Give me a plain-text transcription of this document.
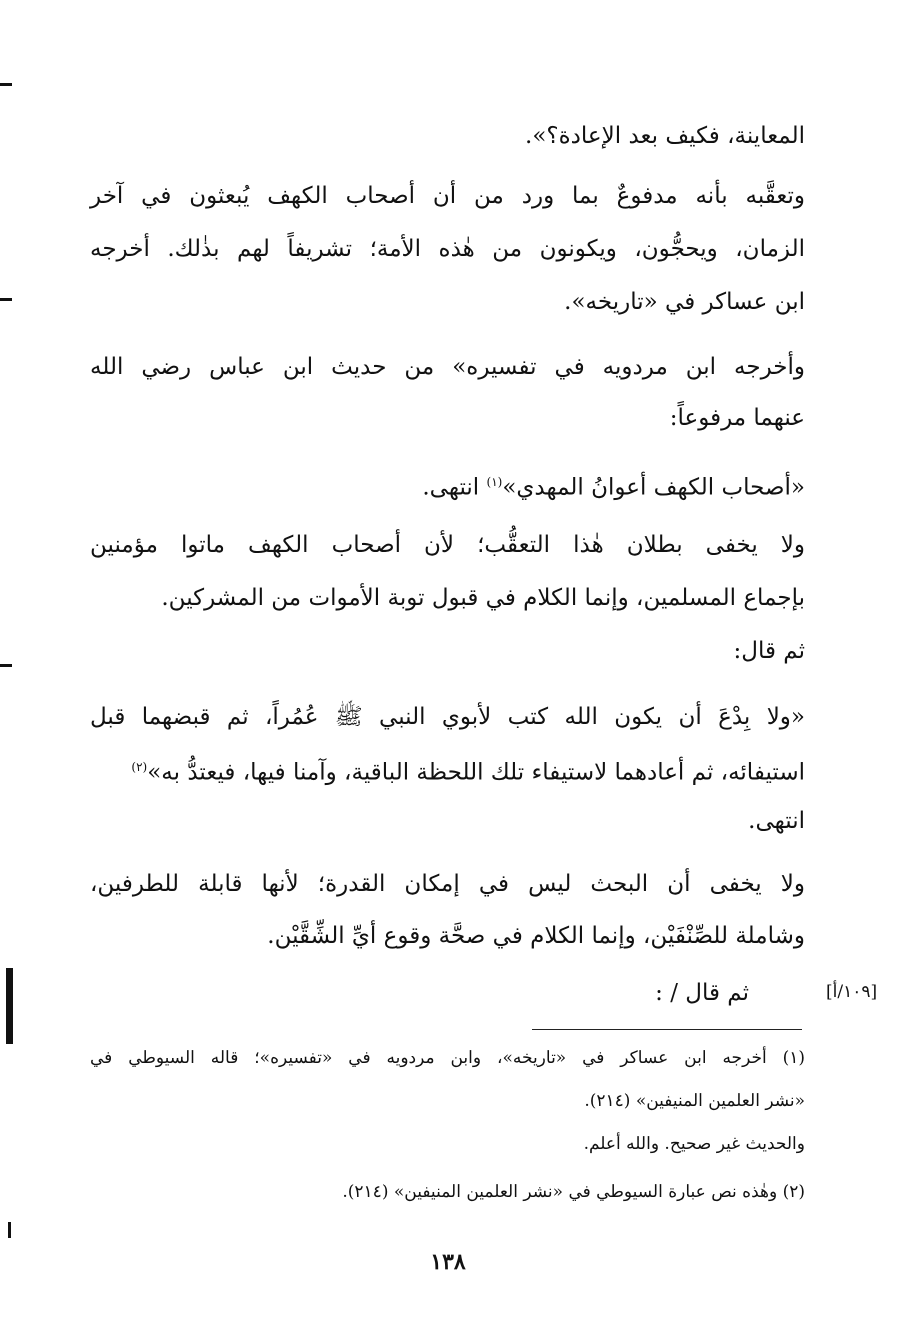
المعاينة، فكيف بعد الإعادة؟».
وتعقَّبه بأنه مدفوعٌ بما ورد من أن أصحاب الكهف يُبعثون في آخر
الزمان، ويحجُّون، ويكونون من هٰذه الأمة؛ تشريفاً لهم بذٰلك. أخرجه
ابن عساكر في «تاريخه».
وأخرجه ابن مردويه في تفسيره» من حديث ابن عباس رضي الله
عنهما مرفوعاً:
«أصحاب الكهف أعوانُ المهدي»$^{(١)}$ انتهى.
ولا يخفى بطلان هٰذا التعقُّب؛ لأن أصحاب الكهف ماتوا مؤمنين
بإجماع المسلمين، وإنما الكلام في قبول توبة الأموات من المشركين.
ثم قال:
«ولا بِدْعَ أن يكون الله كتب لأبوي النبي ﷺ عُمُراً، ثم قبضهما قبل
استيفائه، ثم أعادهما لاستيفاء تلك اللحظة الباقية، وآمنا فيها، فيعتدُّ به»$^{(٢)}$
انتهى.
ولا يخفى أن البحث ليس في إمكان القدرة؛ لأنها قابلة للطرفين،
وشاملة للصِّنْفَيْن، وإنما الكلام في صحَّة وقوع أيِّ الشِّقَّيْن.
ثم قال / :	[١٠٩/أ]
(١) أخرجه ابن عساكر في «تاريخه»، وابن مردويه في «تفسيره»؛ قاله السيوطي في
«نشر العلمين المنيفين» (٢١٤).
والحديث غير صحيح. والله أعلم.
(٢) وهٰذه نص عبارة السيوطي في «نشر العلمين المنيفين» (٢١٤).
١٣٨
